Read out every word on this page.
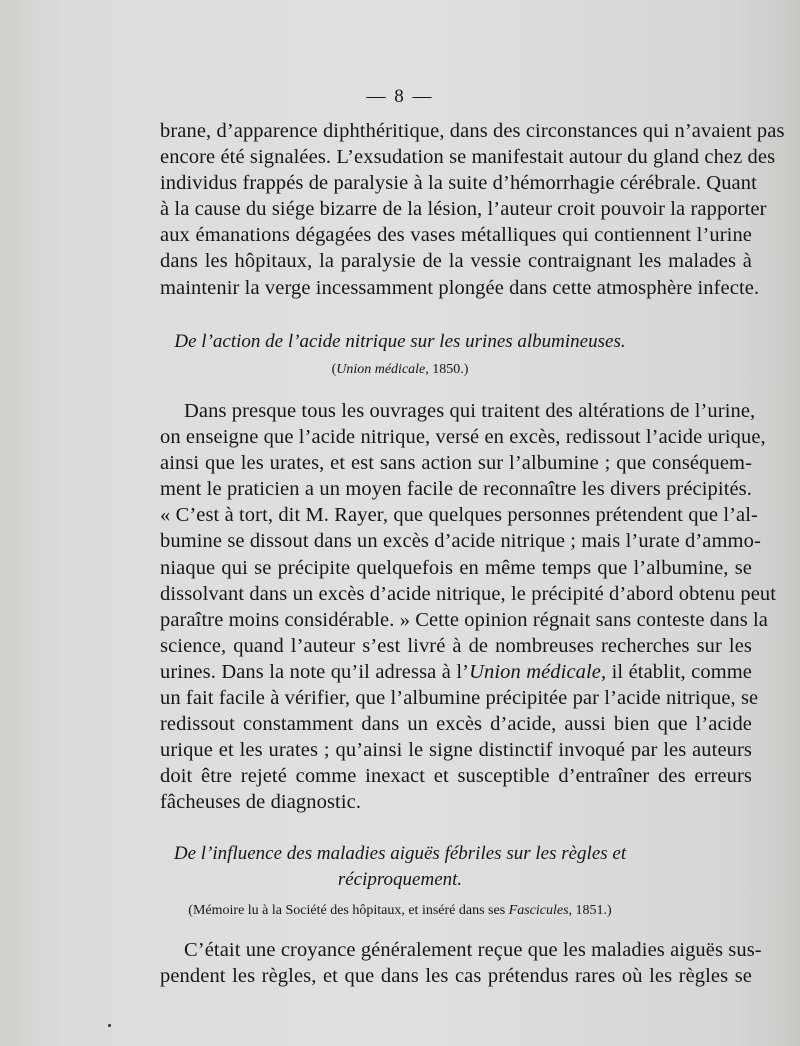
— 8 —
brane, d’apparence diphthéritique, dans des circonstances qui n’avaient pas
encore été signalées. L’exsudation se manifestait autour du gland chez des
individus frappés de paralysie à la suite d’hémorrhagie cérébrale. Quant
à la cause du siége bizarre de la lésion, l’auteur croit pouvoir la rapporter
aux émanations dégagées des vases métalliques qui contiennent l’urine
dans les hôpitaux, la paralysie de la vessie contraignant les malades à
maintenir la verge incessamment plongée dans cette atmosphère infecte.
De l’action de l’acide nitrique sur les urines albumineuses.
(Union médicale, 1850.)
Dans presque tous les ouvrages qui traitent des altérations de l’urine,
on enseigne que l’acide nitrique, versé en excès, redissout l’acide urique,
ainsi que les urates, et est sans action sur l’albumine ; que conséquem-
ment le praticien a un moyen facile de reconnaître les divers précipités.
« C’est à tort, dit M. Rayer, que quelques personnes prétendent que l’al-
bumine se dissout dans un excès d’acide nitrique ; mais l’urate d’ammo-
niaque qui se précipite quelquefois en même temps que l’albumine, se
dissolvant dans un excès d’acide nitrique, le précipité d’abord obtenu peut
paraître moins considérable. » Cette opinion régnait sans conteste dans la
science, quand l’auteur s’est livré à de nombreuses recherches sur les
urines. Dans la note qu’il adressa à l’Union médicale, il établit, comme
un fait facile à vérifier, que l’albumine précipitée par l’acide nitrique, se
redissout constamment dans un excès d’acide, aussi bien que l’acide
urique et les urates ; qu’ainsi le signe distinctif invoqué par les auteurs
doit être rejeté comme inexact et susceptible d’entraîner des erreurs
fâcheuses de diagnostic.
De l’influence des maladies aiguës fébriles sur les règles et
réciproquement.
(Mémoire lu à la Société des hôpitaux, et inséré dans ses Fascicules, 1851.)
C’était une croyance généralement reçue que les maladies aiguës sus-
pendent les règles, et que dans les cas prétendus rares où les règles se
